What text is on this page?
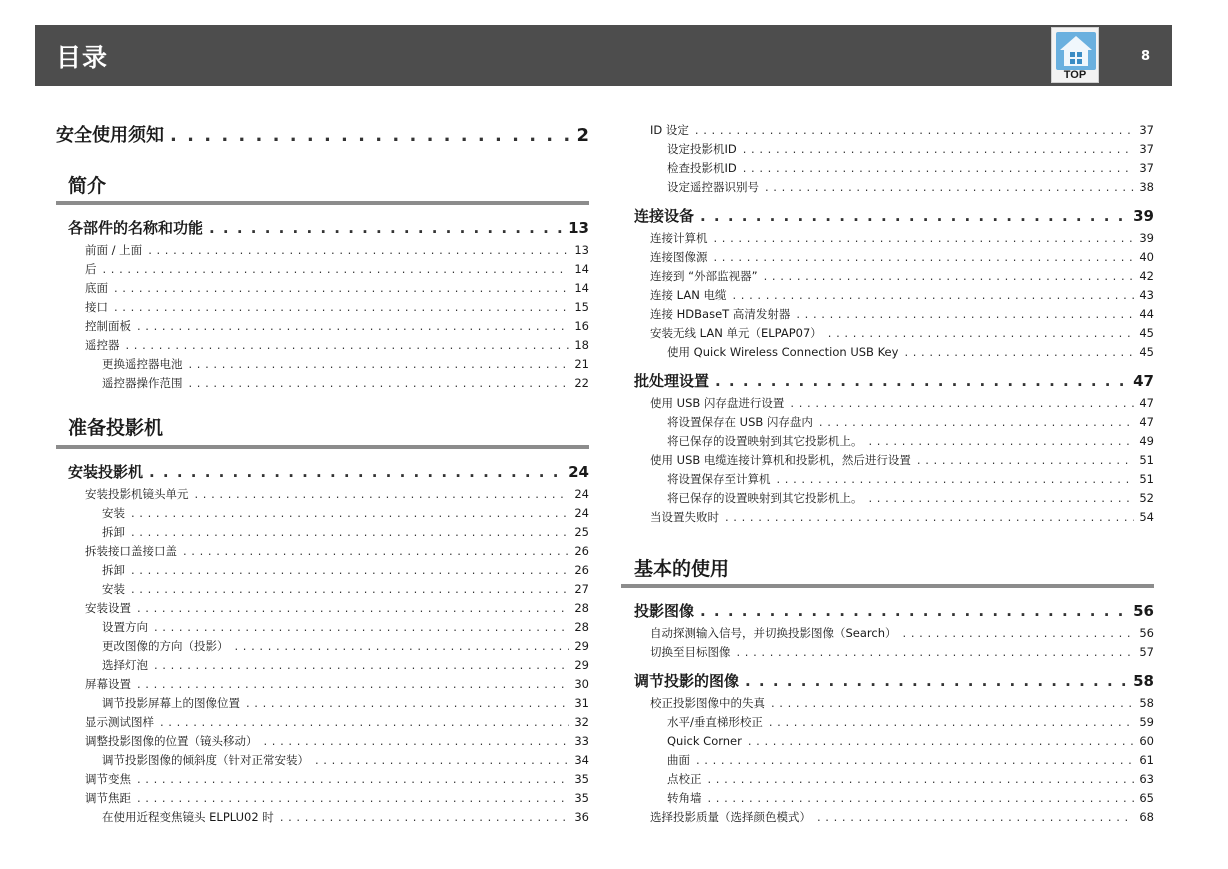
目录
TOP
8
安全使用须知 . . .	2
简介
各部件的名称和功能 . . .	13
前面 / 上面 . . .	13
后 . . .	14
底面 . . .	14
接口 . . .	15
控制面板 . . .	16
遥控器 . . .	18
更换遥控器电池 . . .	21
遥控器操作范围 . . .	22
准备投影机
安装投影机 . . .	24
安装投影机镜头单元 . . .	24
安装 . . .	24
拆卸 . . .	25
拆装接口盖接口盖 . . .	26
拆卸 . . .	26
安装 . . .	27
安装设置 . . .	28
设置方向 . . .	28
更改图像的方向（投影） . . .	29
选择灯泡 . . .	29
屏幕设置 . . .	30
调节投影屏幕上的图像位置 . . .	31
显示测试图样 . . .	32
调整投影图像的位置（镜头移动） . . .	33
调节投影图像的倾斜度（针对正常安装） . . .	34
调节变焦 . . .	35
调节焦距 . . .	35
在使用近程变焦镜头 ELPLU02 时 . . .	36
ID 设定 . . .	37
设定投影机ID . . .	37
检查投影机ID . . .	37
设定遥控器识别号 . . .	38
连接设备 . . .	39
连接计算机 . . .	39
连接图像源 . . .	40
连接到 “外部监视器” . . .	42
连接 LAN 电缆 . . .	43
连接 HDBaseT 高清发射器 . . .	44
安装无线 LAN 单元（ELPAP07） . . .	45
使用 Quick Wireless Connection USB Key . . .	45
批处理设置 . . .	47
使用 USB 闪存盘进行设置 . . .	47
将设置保存在 USB 闪存盘内 . . .	47
将已保存的设置映射到其它投影机上。 . . .	49
使用 USB 电缆连接计算机和投影机，然后进行设置 . . .	51
将设置保存至计算机 . . .	51
将已保存的设置映射到其它投影机上。 . . .	52
当设置失败时 . . .	54
基本的使用
投影图像 . . .	56
自动探测输入信号，并切换投影图像（Search） . . .	56
切换至目标图像 . . .	57
调节投影的图像 . . .	58
校正投影图像中的失真 . . .	58
水平/垂直梯形校正 . . .	59
Quick Corner . . .	60
曲面 . . .	61
点校正 . . .	63
转角墙 . . .	65
选择投影质量（选择颜色模式） . . .	68
